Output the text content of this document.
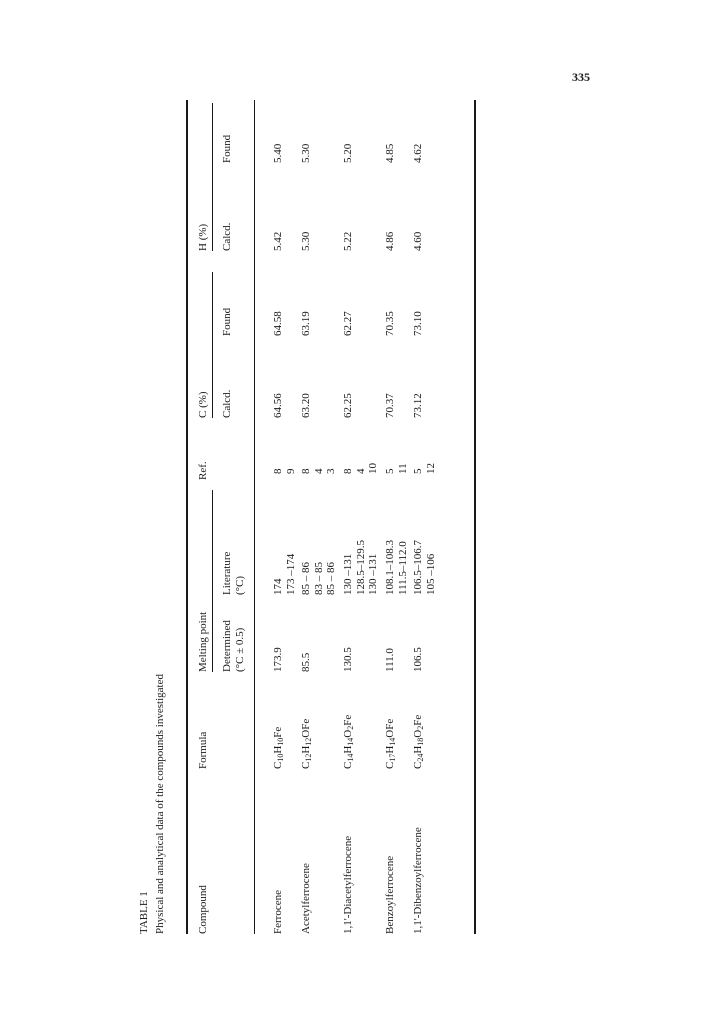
335
TABLE 1 Physical and analytical data of the compounds investigated	Compound
Formula
Melting point Determined (°C ± 0.5)
Literature (°C)
Ref.
C (%) Calcd.
Found
H (%) Calcd.
Found
Ferrocene
$C_{10}H_{10}Fe$
173.9
174 173 –174
8 9
64.56
64.58
5.42
5.40
Acetylferrocene
$C_{12}H_{12}OFe$
85.5
85 – 86 83 – 85 85 – 86
8 4 3
63.20
63.19
5.30
5.30
1,1'-Diacetylferrocene
$C_{14}H_{14}O_2Fe$
130.5
130 –131 128.5–129.5 130 –131
8 4 10
62.25
62.27
5.22
5.20
Benzoylferrocene
$C_{17}H_{14}OFe$
111.0
108.1–108.3 111.5–112.0
5 11
70.37
70.35
4.86
4.85
1,1'-Dibenzoylferrocene
$C_{24}H_{18}O_2Fe$
106.5
106.5–106.7 105 –106
5 12
73.12
73.10
4.60
4.62
